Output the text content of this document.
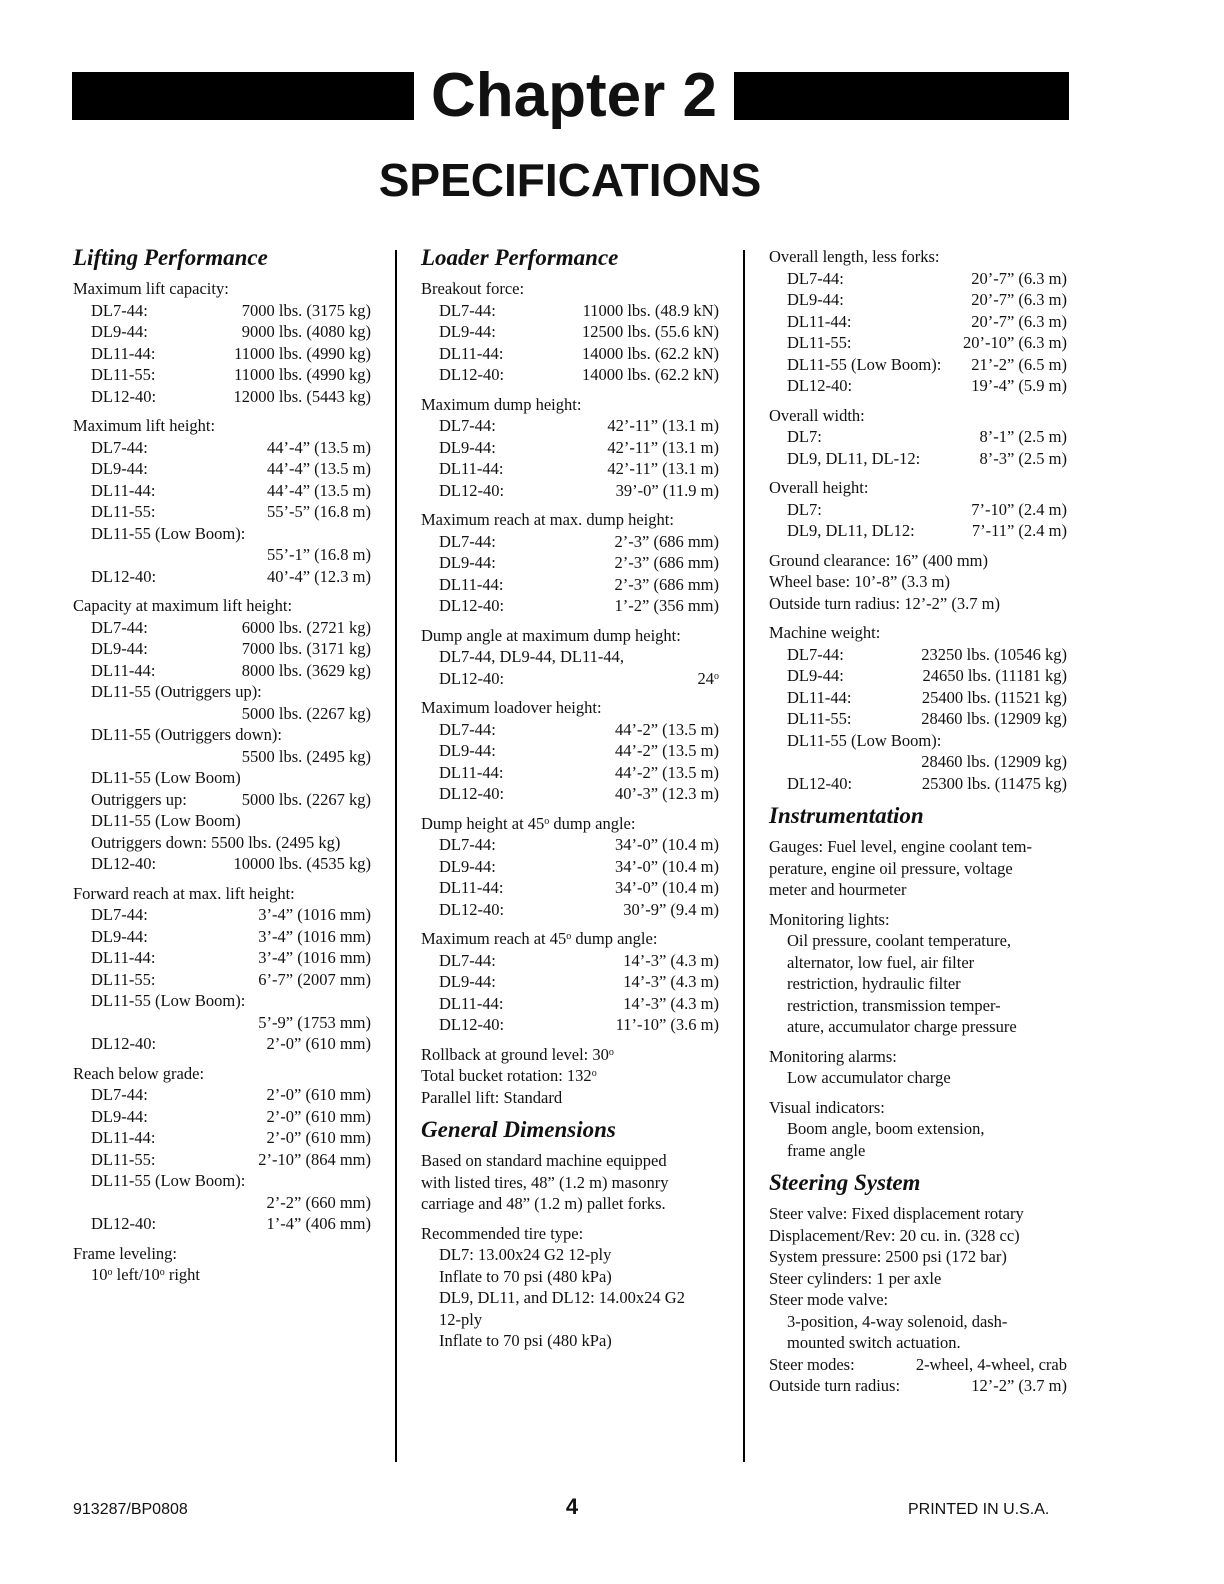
Chapter 2
SPECIFICATIONS
Lifting Performance
Maximum lift capacity:
DL7-44:	7000 lbs. (3175 kg)
DL9-44:	9000 lbs. (4080 kg)
DL11-44:	11000 lbs. (4990 kg)
DL11-55:	11000 lbs. (4990 kg)
DL12-40:	12000 lbs. (5443 kg)
Maximum lift height:
DL7-44:	44’-4” (13.5 m)
DL9-44:	44’-4” (13.5 m)
DL11-44:	44’-4” (13.5 m)
DL11-55:	55’-5” (16.8 m)
DL11-55 (Low Boom):
55’-1” (16.8 m)
DL12-40:	40’-4” (12.3 m)
Capacity at maximum lift height:
DL7-44:	6000 lbs. (2721 kg)
DL9-44:	7000 lbs. (3171 kg)
DL11-44:	8000 lbs. (3629 kg)
DL11-55 (Outriggers up):
5000 lbs. (2267 kg)
DL11-55 (Outriggers down):
5500 lbs. (2495 kg)
DL11-55 (Low Boom)
Outriggers up:	5000 lbs. (2267 kg)
DL11-55 (Low Boom)
Outriggers down: 5500 lbs. (2495 kg)
DL12-40:	10000 lbs. (4535 kg)
Forward reach at max. lift height:
DL7-44:	3’-4” (1016 mm)
DL9-44:	3’-4” (1016 mm)
DL11-44:	3’-4” (1016 mm)
DL11-55:	6’-7” (2007 mm)
DL11-55 (Low Boom):
5’-9” (1753 mm)
DL12-40:	2’-0” (610 mm)
Reach below grade:
DL7-44:	2’-0” (610 mm)
DL9-44:	2’-0” (610 mm)
DL11-44:	2’-0” (610 mm)
DL11-55:	2’-10” (864 mm)
DL11-55 (Low Boom):
2’-2” (660 mm)
DL12-40:	1’-4” (406 mm)
Frame leveling:
10$^o$ left/10$^o$ right
Loader Performance
Breakout force:
DL7-44:	11000 lbs. (48.9 kN)
DL9-44:	12500 lbs. (55.6 kN)
DL11-44:	14000 lbs. (62.2 kN)
DL12-40:	14000 lbs. (62.2 kN)
Maximum dump height:
DL7-44:	42’-11” (13.1 m)
DL9-44:	42’-11” (13.1 m)
DL11-44:	42’-11” (13.1 m)
DL12-40:	39’-0” (11.9 m)
Maximum reach at max. dump height:
DL7-44:	2’-3” (686 mm)
DL9-44:	2’-3” (686 mm)
DL11-44:	2’-3” (686 mm)
DL12-40:	1’-2” (356 mm)
Dump angle at maximum dump height:
DL7-44, DL9-44, DL11-44,
DL12-40:	24$^o$
Maximum loadover height:
DL7-44:	44’-2” (13.5 m)
DL9-44:	44’-2” (13.5 m)
DL11-44:	44’-2” (13.5 m)
DL12-40:	40’-3” (12.3 m)
Dump height at 45$^o$ dump angle:
DL7-44:	34’-0” (10.4 m)
DL9-44:	34’-0” (10.4 m)
DL11-44:	34’-0” (10.4 m)
DL12-40:	30’-9” (9.4 m)
Maximum reach at 45$^o$ dump angle:
DL7-44:	14’-3” (4.3 m)
DL9-44:	14’-3” (4.3 m)
DL11-44:	14’-3” (4.3 m)
DL12-40:	11’-10” (3.6 m)
Rollback at ground level: 30$^o$
Total bucket rotation: 132$^o$
Parallel lift: Standard
General Dimensions
Based on standard machine equipped
with listed tires, 48” (1.2 m) masonry
carriage and 48” (1.2 m) pallet forks.
Recommended tire type:
DL7: 13.00x24 G2 12-ply
Inflate to 70 psi (480 kPa)
DL9, DL11, and DL12: 14.00x24 G2
12-ply
Inflate to 70 psi (480 kPa)
Overall length, less forks:
DL7-44:	20’-7” (6.3 m)
DL9-44:	20’-7” (6.3 m)
DL11-44:	20’-7” (6.3 m)
DL11-55:	20’-10” (6.3 m)
DL11-55 (Low Boom): 21’-2” (6.5 m)
DL12-40:	19’-4” (5.9 m)
Overall width:
DL7:	8’-1” (2.5 m)
DL9, DL11, DL-12:	8’-3” (2.5 m)
Overall height:
DL7:	7’-10” (2.4 m)
DL9, DL11, DL12:	7’-11” (2.4 m)
Ground clearance: 16” (400 mm)
Wheel base: 10’-8” (3.3 m)
Outside turn radius: 12’-2” (3.7 m)
Machine weight:
DL7-44:	23250 lbs. (10546 kg)
DL9-44:	24650 lbs. (11181 kg)
DL11-44:	25400 lbs. (11521 kg)
DL11-55:	28460 lbs. (12909 kg)
DL11-55 (Low Boom):
28460 lbs. (12909 kg)
DL12-40:	25300 lbs. (11475 kg)
Instrumentation
Gauges: Fuel level, engine coolant tem-
perature, engine oil pressure, voltage
meter and hourmeter
Monitoring lights:
Oil pressure, coolant temperature,
alternator, low fuel, air filter
restriction, hydraulic filter
restriction, transmission temper-
ature, accumulator charge pressure
Monitoring alarms:
Low accumulator charge
Visual indicators:
Boom angle, boom extension,
frame angle
Steering System
Steer valve: Fixed displacement rotary
Displacement/Rev: 20 cu. in. (328 cc)
System pressure: 2500 psi (172 bar)
Steer cylinders: 1 per axle
Steer mode valve:
3-position, 4-way solenoid, dash-
mounted switch actuation.
Steer modes:	2-wheel, 4-wheel, crab
Outside turn radius:	12’-2” (3.7 m)
913287/BP0808	4	PRINTED IN U.S.A.
